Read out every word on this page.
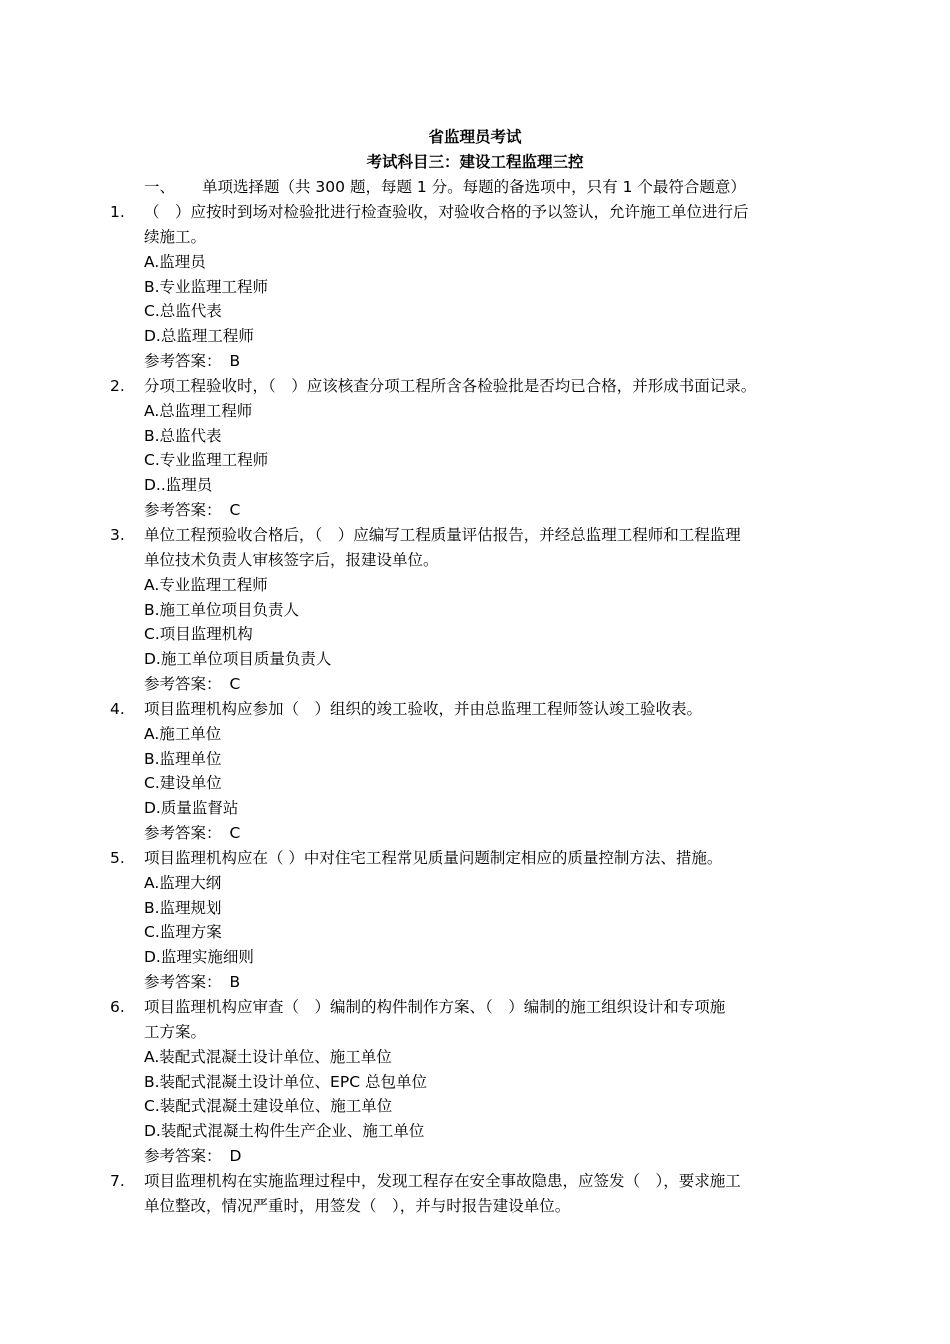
省监理员考试
考试科目三：建设工程监理三控
一、 单项选择题（共 300 题，每题 1 分。每题的备选项中，只有 1 个最符合题意）
1.	（　）应按时到场对检验批进行检查验收，对验收合格的予以签认，允许施工单位进行后
续施工。
A.监理员
B.专业监理工程师
C.总监代表
D.总监理工程师
参考答案： B
2.	分项工程验收时，（　）应该核查分项工程所含各检验批是否均已合格，并形成书面记录。
A.总监理工程师
B.总监代表
C.专业监理工程师
D..监理员
参考答案： C
3.	单位工程预验收合格后，（　）应编写工程质量评估报告，并经总监理工程师和工程监理
单位技术负责人审核签字后，报建设单位。
A.专业监理工程师
B.施工单位项目负责人
C.项目监理机构
D.施工单位项目质量负责人
参考答案： C
4.	项目监理机构应参加（　）组织的竣工验收，并由总监理工程师签认竣工验收表。
A.施工单位
B.监理单位
C.建设单位
D.质量监督站
参考答案： C
5.	项目监理机构应在（ ）中对住宅工程常见质量问题制定相应的质量控制方法、措施。
A.监理大纲
B.监理规划
C.监理方案
D.监理实施细则
参考答案： B
6.	项目监理机构应审查（　）编制的构件制作方案、（　）编制的施工组织设计和专项施
工方案。
A.装配式混凝土设计单位、施工单位
B.装配式混凝土设计单位、EPC 总包单位
C.装配式混凝土建设单位、施工单位
D.装配式混凝土构件生产企业、施工单位
参考答案： D
7.	项目监理机构在实施监理过程中，发现工程存在安全事故隐患，应签发（　），要求施工
单位整改，情况严重时，用签发（　），并与时报告建设单位。
